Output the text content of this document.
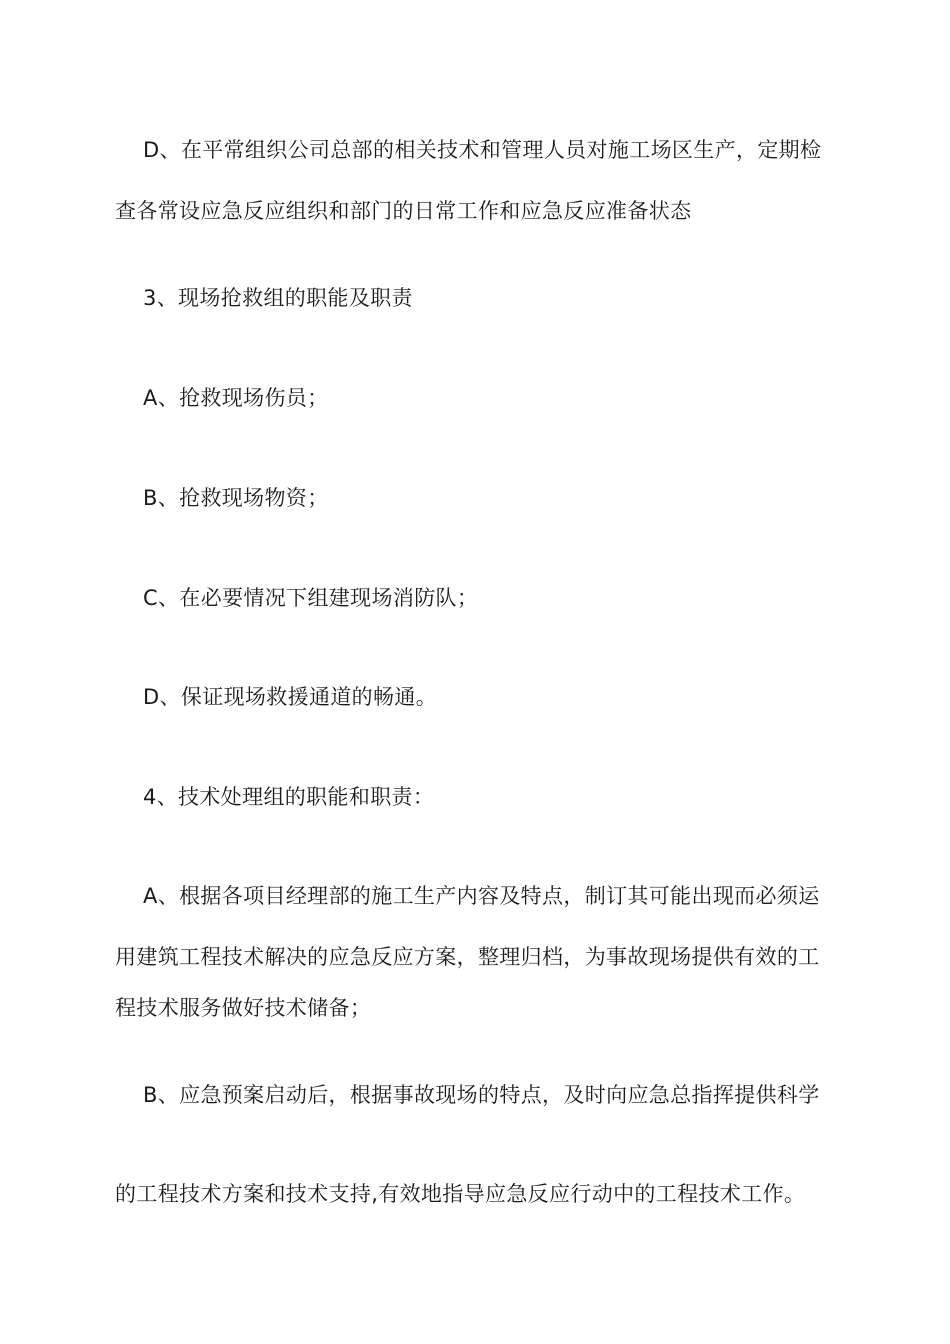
D、在平常组织公司总部的相关技术和管理人员对施工场区生产，定期检
查各常设应急反应组织和部门的日常工作和应急反应准备状态
3、现场抢救组的职能及职责
A、抢救现场伤员；
B、抢救现场物资；
C、在必要情况下组建现场消防队；
D、保证现场救援通道的畅通。
4、技术处理组的职能和职责：
A、根据各项目经理部的施工生产内容及特点，制订其可能出现而必须运
用建筑工程技术解决的应急反应方案，整理归档，为事故现场提供有效的工
程技术服务做好技术储备；
B、应急预案启动后，根据事故现场的特点，及时向应急总指挥提供科学
的工程技术方案和技术支持,有效地指导应急反应行动中的工程技术工作。
